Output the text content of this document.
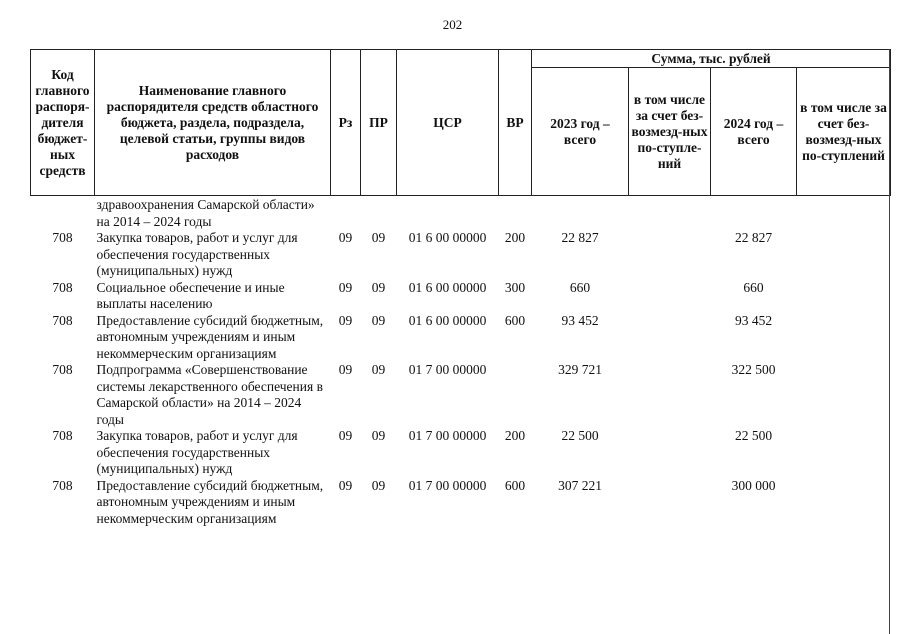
202
Код главного распоря-дителя бюджет-ных средств	Наименование главного распорядителя средств областного бюджета, раздела, подраздела, целевой статьи, группы видов расходов	Рз	ПР	ЦСР	ВР	Сумма, тыс. рублей			
						2023 год – всего	в том числе за счет без-возмезд-ных по-ступле-ний	2024 год – всего	в том числе за счет без-возмезд-ных по-ступлений
	здравоохранения Самарской области» на 2014 – 2024 годы								
708	Закупка товаров, работ и услуг для обеспечения государственных (муниципальных) нужд	09	09	01 6 00 00000	200	22 827		22 827	
708	Социальное обеспечение и иные выплаты населению	09	09	01 6 00 00000	300	660		660	
708	Предоставление субсидий бюджетным, автономным учреждениям и иным некоммерческим организациям	09	09	01 6 00 00000	600	93 452		93 452	
708	Подпрограмма «Совершенствование системы лекарственного обеспечения в Самарской области» на 2014 – 2024 годы	09	09	01 7 00 00000		329 721		322 500	
708	Закупка товаров, работ и услуг для обеспечения государственных (муниципальных) нужд	09	09	01 7 00 00000	200	22 500		22 500	
708	Предоставление субсидий бюджетным, автономным учреждениям и иным некоммерческим организациям	09	09	01 7 00 00000	600	307 221		300 000	
